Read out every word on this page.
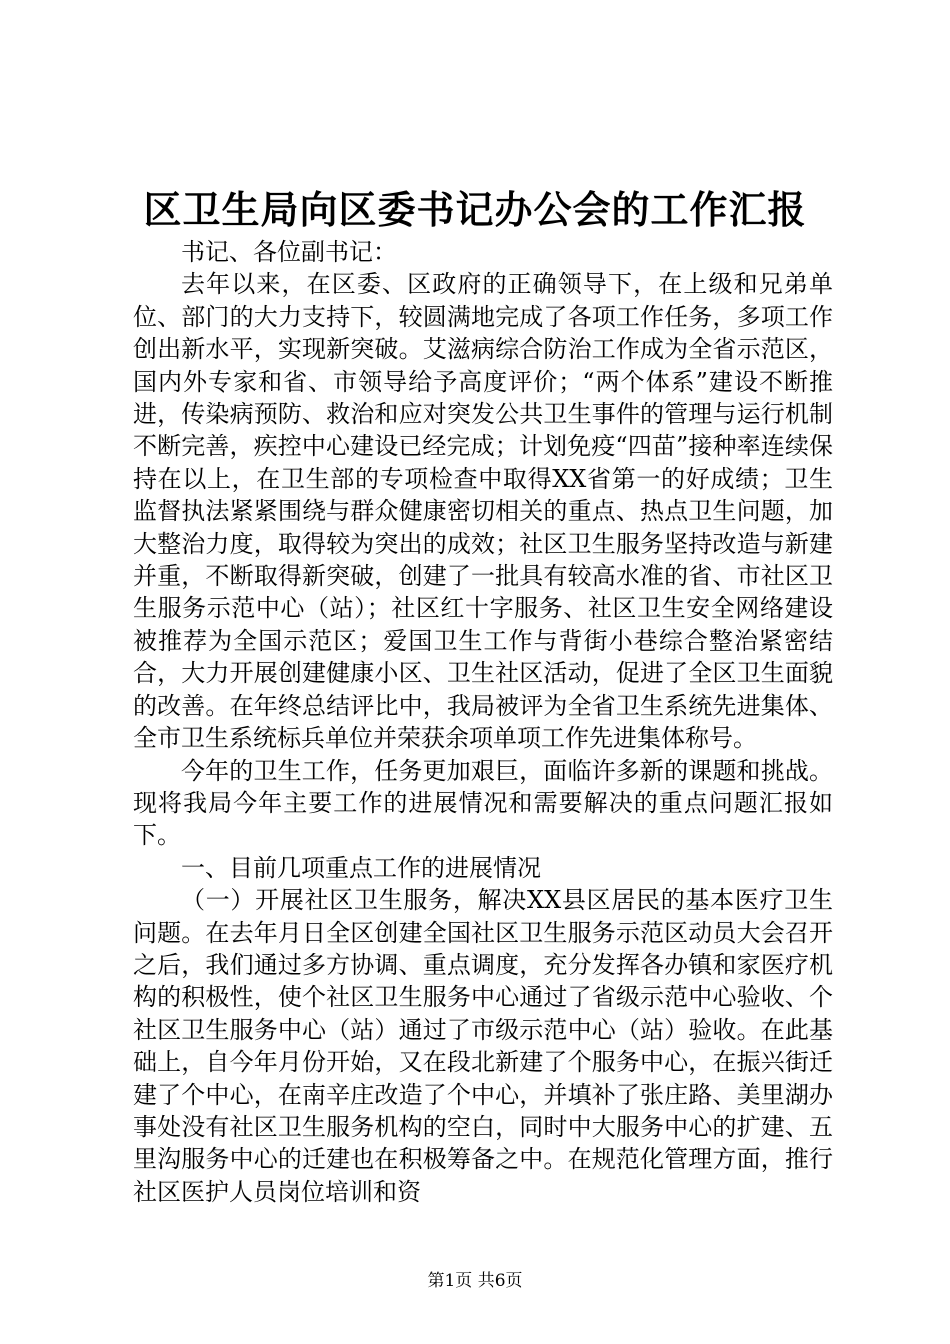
区卫生局向区委书记办公会的工作汇报

书记、各位副书记：

去年以来，在区委、区政府的正确领导下，在上级和兄弟单位、部门的大力支持下，较圆满地完成了各项工作任务，多项工作创出新水平，实现新突破。艾滋病综合防治工作成为全省示范区，国内外专家和省、市领导给予高度评价；“两个体系”建设不断推进，传染病预防、救治和应对突发公共卫生事件的管理与运行机制不断完善，疾控中心建设已经完成；计划免疫“四苗”接种率连续保持在以上，在卫生部的专项检查中取得XX省第一的好成绩；卫生监督执法紧紧围绕与群众健康密切相关的重点、热点卫生问题，加大整治力度，取得较为突出的成效；社区卫生服务坚持改造与新建并重，不断取得新突破，创建了一批具有较高水准的省、市社区卫生服务示范中心（站）；社区红十字服务、社区卫生安全网络建设被推荐为全国示范区；爱国卫生工作与背街小巷综合整治紧密结合，大力开展创建健康小区、卫生社区活动，促进了全区卫生面貌的改善。在年终总结评比中，我局被评为全省卫生系统先进集体、全市卫生系统标兵单位并荣获余项单项工作先进集体称号。

今年的卫生工作，任务更加艰巨，面临许多新的课题和挑战。现将我局今年主要工作的进展情况和需要解决的重点问题汇报如下。

一、目前几项重点工作的进展情况

（一）开展社区卫生服务，解决XX县区居民的基本医疗卫生问题。在去年月日全区创建全国社区卫生服务示范区动员大会召开之后，我们通过多方协调、重点调度，充分发挥各办镇和家医疗机构的积极性，使个社区卫生服务中心通过了省级示范中心验收、个社区卫生服务中心（站）通过了市级示范中心（站）验收。在此基础上，自今年月份开始，又在段北新建了个服务中心，在振兴街迁建了个中心，在南辛庄改造了个中心，并填补了张庄路、美里湖办事处没有社区卫生服务机构的空白，同时中大服务中心的扩建、五里沟服务中心的迁建也在积极筹备之中。在规范化管理方面，推行社区医护人员岗位培训和资

第1页 共6页
